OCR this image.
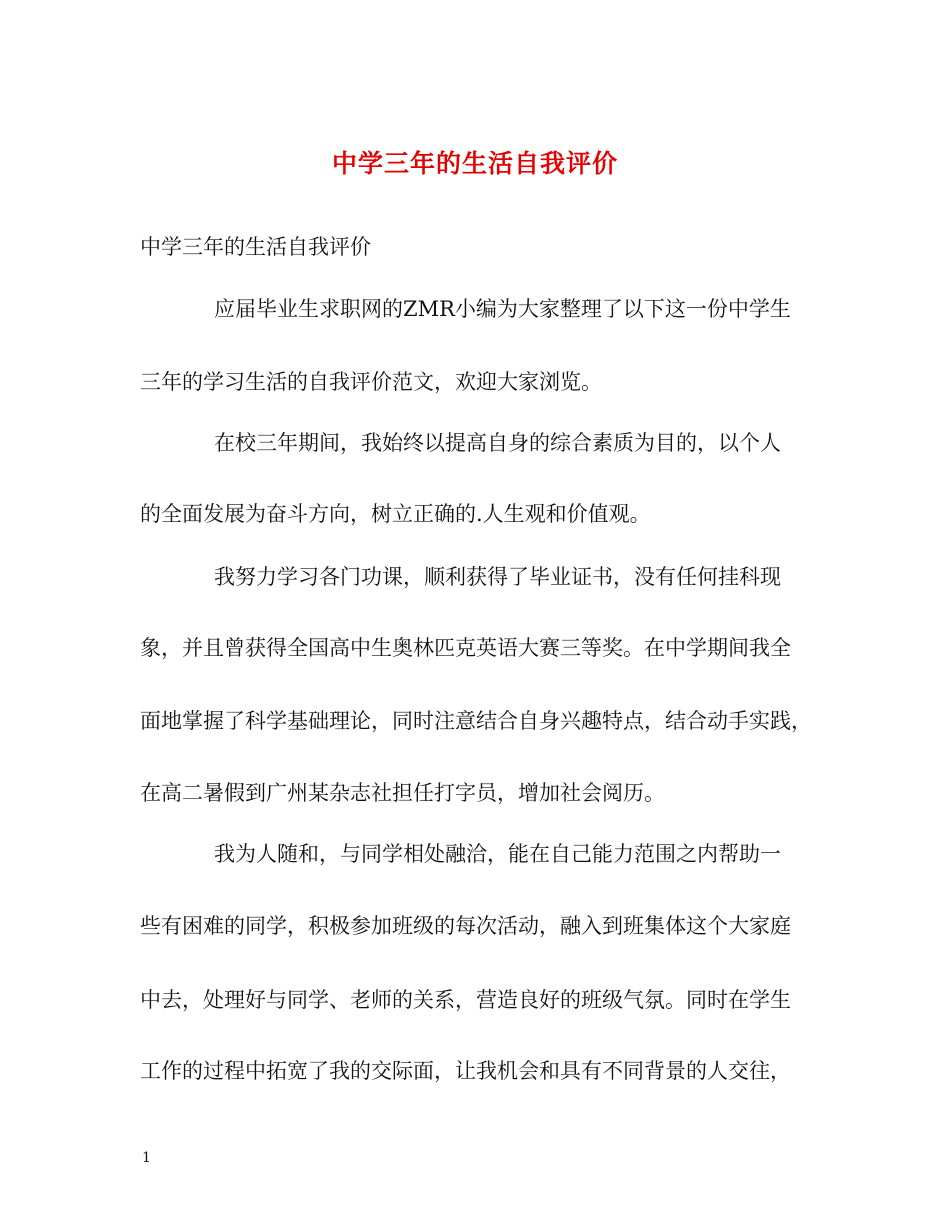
中学三年的生活自我评价
中学三年的生活自我评价
应届毕业生求职网的ZMR小编为大家整理了以下这一份中学生
三年的学习生活的自我评价范文，欢迎大家浏览。
在校三年期间，我始终以提高自身的综合素质为目的，以个人
的全面发展为奋斗方向，树立正确的.人生观和价值观。
我努力学习各门功课，顺利获得了毕业证书，没有任何挂科现
象，并且曾获得全国高中生奥林匹克英语大赛三等奖。在中学期间我全
面地掌握了科学基础理论，同时注意结合自身兴趣特点，结合动手实践，
在高二暑假到广州某杂志社担任打字员，增加社会阅历。
我为人随和，与同学相处融洽，能在自己能力范围之内帮助一
些有困难的同学，积极参加班级的每次活动，融入到班集体这个大家庭
中去，处理好与同学、老师的关系，营造良好的班级气氛。同时在学生
工作的过程中拓宽了我的交际面，让我机会和具有不同背景的人交往，
1
